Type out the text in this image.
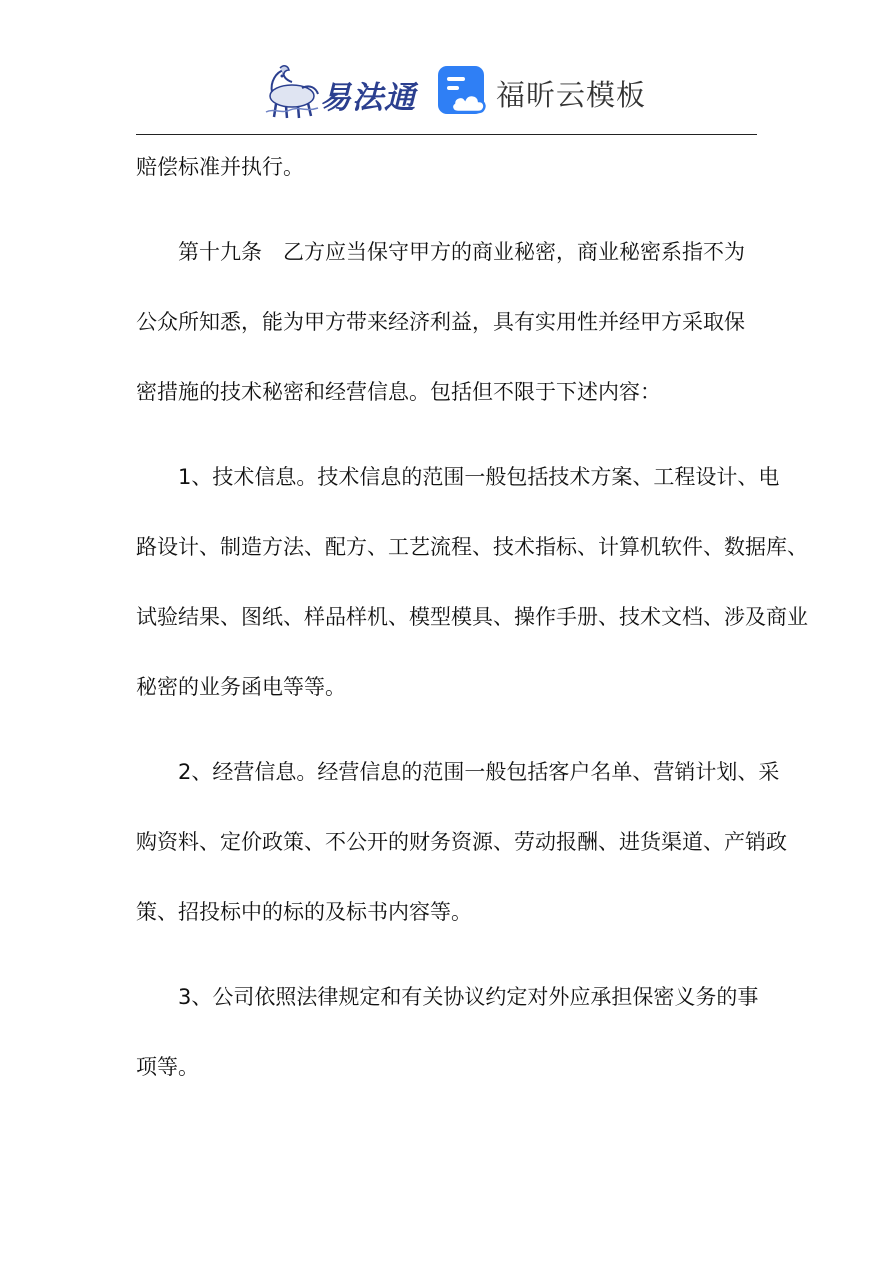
易法通	福昕云模板
赔偿标准并执行。
第十九条　乙方应当保守甲方的商业秘密，商业秘密系指不为
公众所知悉，能为甲方带来经济利益，具有实用性并经甲方采取保
密措施的技术秘密和经营信息。包括但不限于下述内容：
1、技术信息。技术信息的范围一般包括技术方案、工程设计、电
路设计、制造方法、配方、工艺流程、技术指标、计算机软件、数据库、
试验结果、图纸、样品样机、模型模具、操作手册、技术文档、涉及商业
秘密的业务函电等等。
2、经营信息。经营信息的范围一般包括客户名单、营销计划、采
购资料、定价政策、不公开的财务资源、劳动报酬、进货渠道、产销政
策、招投标中的标的及标书内容等。
3、公司依照法律规定和有关协议约定对外应承担保密义务的事
项等。
